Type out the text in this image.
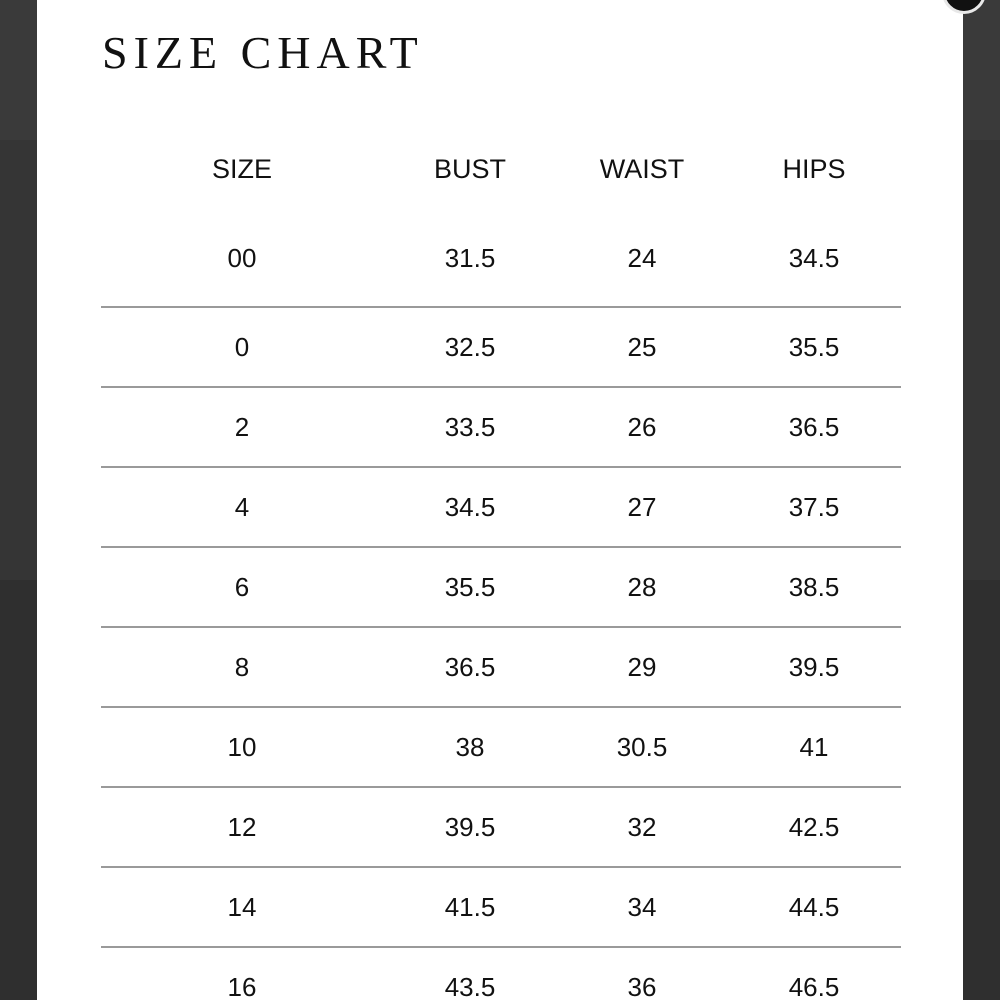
SIZE CHART
SIZE	BUST	WAIST	HIPS
00	31.5	24	34.5
0	32.5	25	35.5
2	33.5	26	36.5
4	34.5	27	37.5
6	35.5	28	38.5
8	36.5	29	39.5
10	38	30.5	41
12	39.5	32	42.5
14	41.5	34	44.5
16	43.5	36	46.5
